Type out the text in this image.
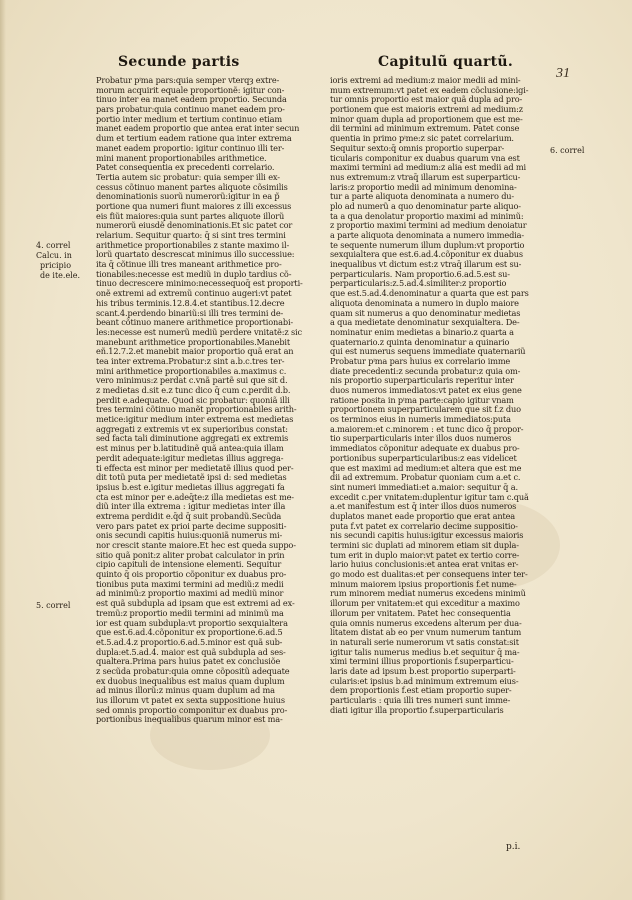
Secunde partis	Capitulũ quartũ.
31
4. correl
Calcu. in
pricipio
de ite.ele.
5. correl
6. correl
Probatur pⁱma pars:quia semper vterqȝ extre-
morum acquirit equale proportionẽ: igitur con-
tinuo inter ea manet eadem proportio. Secunda
pars probatur:quia continuo manet eadem pro-
portio inter medium et tertium continuo etiam
manet eadem proportio que antea erat inter secun
dum et tertium eadem ratione qua inter extrema
manet eadem proportio: igitur continuo illi ter-
mini manent proportionabiles arithmetice.
Patet consequentia ex precedenti correlario.
Tertia autem sic probatur: quia semper illi ex-
cessus cõtinuo manent partes aliquote cõsimilis
denominationis suorũ numerorũ:igitur in ea p̃
portione qua numeri fiunt maiores z illi excessus
eis fiũt maiores:quia sunt partes aliquote illorũ
numerorũ eiusdẽ denominationis.Et sic patet cor
relarium. Sequitur quarto: q̄ si sint tres termini
arithmetice proportionabiles z stante maximo il-
lorũ quartato descrescat minimus illo successiue:
ita q̄ cõtinue illi tres maneant arithmetice pro-
tionabiles:necesse est mediũ in duplo tardius cõ-
tinuo decrescere minimo:necessequoq̄ est proporti-
onẽ extremi ad extremũ continuo augeri:vt patet
his tribus terminis.12.8.4.et stantibus.12.decre
scant.4.perdendo binariũ:si illi tres termini de-
beant cõtinuo manere arithmetice proportionabi-
les:necesse est numerũ mediũ perdere vnitatẽ:z sic
manebunt arithmetice proportionabiles.Manebit
eñ.12.7.2.et manebit maior proportio quã erat an
tea inter extrema.Probatur:z sint a.b.c.tres ter-
mini arithmetice proportionabiles a.maximus c.
vero minimus:z perdat c.vnã partẽ sui que sit d.
z medietas d.sit e.z tunc dico q̄ cum c.perdit d.b.
perdit e.adequate. Quod sic probatur: quoniã illi
tres termini cõtinuo manẽt proportionabiles arith-
metice:igitur medium inter extrema est medietas
aggregati z extremis vt ex superioribus constat:
sed facta tali diminutione aggregati ex extremis
est minus per b.latitudinẽ quã antea:quia illam
perdit adequate:igitur medietas illius aggrega-
ti effecta est minor per medietatẽ illius quod per-
dit totũ puta per medietatẽ ipsi d: sed medietas
ipsius b.est e.igitur medietas illius aggregati fa
cta est minor per e.adeq̄te:z illa medietas est me-
diũ inter illa extrema : igitur medietas inter illa
extrema perdidit e.q̄d q̄ suit probandũ.Secũda
vero pars patet ex prioi parte decime suppositi-
onis secundi capitis huius:quoniã numerus mi-
nor crescit stante maiore.Et hec est queda suppo-
sitio quã ponit:z aliter probat calculator in prin
cipio capituli de intensione elementi. Sequitur
quinto q̄ ois proportio cõponitur ex duabus pro-
tionibus puta maximi termini ad mediũ:z medii
ad minimũ:z proportio maximi ad mediũ minor
est quã subdupla ad ipsam que est extremi ad ex-
tremũ:z proportio medii termini ad minimũ ma
ior est quam subdupla:vt proportio sexquialtera
que est.6.ad.4.cõponitur ex proportione.6.ad.5
et.5.ad.4.z proportio.6.ad.5.minor est quã sub-
dupla:et.5.ad.4. maior est quã subdupla ad ses-
qualtera.Prima pars huius patet ex conclusiõe
z secũda probatur:quia omne cõpositũ adequate
ex duobus inequalibus est maius quam duplum
ad minus illorũ:z minus quam duplum ad ma
ius illorum vt patet ex sexta suppositione huius
sed omnis proportio componitur ex duabus pro-
portionibus inequalibus quarum minor est ma-
ioris extremi ad medium:z maior medii ad mini-
mum extremum:vt patet ex eadem cõclusione:igi-
tur omnis proportio est maior quã dupla ad pro-
portionem que est maioris extremi ad medium:z
minor quam dupla ad proportionem que est me-
dii termini ad minimum extremum. Patet conse
quentia in primo pⁱme:z sic patet correlarium.
Sequitur sexto:q̄ omnis proportio superpar-
ticularis componitur ex duabus quarum vna est
maximi termini ad medium:z alia est medii ad mi
nus extremum:z vtraq̄ illarum est superparticu-
laris:z proportio medii ad minimum denomina-
tur a parte aliquota denominata a numero du-
plo ad numerũ a quo denominatur parte aliquo-
ta a qua denolatur proportio maximi ad minimũ:
z proportio maximi termini ad medium denoiatur
a parte aliquota denominata a numero immedia-
te sequente numerum illum duplum:vt proportio
sexquialtera que est.6.ad.4.cõponitur ex duabus
inequalibus vt dictum est:z vtraq̄ illarum est su-
perparticularis. Nam proportio.6.ad.5.est su-
perparticularis:z.5.ad.4.similiter:z proportio
que est.5.ad.4.denominatur a quarta que est pars
aliquota denominata a numero in duplo maiore
quam sit numerus a quo denominatur medietas
a qua medietate denominatur sexquialtera. De-
nominatur enim medietas a binario.z quarta a
quaternario.z quinta denominatur a quinario
qui est numerus sequens immediate quaternariũ
Probatur pⁱma pars huius ex correlario imme
diate precedenti:z secunda probatur:z quia om-
nis proportio superparticularis reperitur inter
duos numeros immediatos:vt patet ex eius gene
ratione posita in pⁱma parte:capio igitur vnam
proportionem superparticularem que sit f.z duo
os terminos eius in numeris immediatos:puta
a.maiorem:et c.minorem : et tunc dico q̄ propor-
tio superparticularis inter illos duos numeros
immediatos cõponitur adequate ex duabus pro-
portionibus superparticularibus:z eas videlicet
que est maximi ad medium:et altera que est me
dii ad extremum. Probatur quoniam cum a.et c.
sint numeri immediati:et a.maior: sequitur q̄ a.
excedit c.per vnitatem:duplentur igitur tam c.quã
a.et manifestum est q̄ inter illos duos numeros
duplatos manet eade proportio que erat antea
puta f.vt patet ex correlario decime suppositio-
nis secundi capitis huius:igitur excessus maioris
termini sic duplati ad minorem etiam sit dupla-
tum erit in duplo maior:vt patet ex tertio corre-
lario huius conclusionis:et antea erat vnitas er-
go modo est dualitas:et per consequens inter ter-
minum maiorem ipsius proportionis f.et nume-
rum minorem mediat numerus excedens minimũ
illorum per vnitatem:et qui exceditur a maximo
illorum per vnitatem. Patet hec consequentia
quia omnis numerus excedens alterum per dua-
litatem distat ab eo per vnum numerum tantum
in naturali serie numerorum vt satis constat:sit
igitur talis numerus medius b.et sequitur q̄ ma-
ximi termini illius proportionis f.superparticu-
laris date ad ipsum b.est proportio superparti-
cularis:et ipsius b.ad minimum extremum eius-
dem proportionis f.est etiam proportio super-
particularis : quia illi tres numeri sunt imme-
diati igitur illa proportio f.superparticularis
p.i.
